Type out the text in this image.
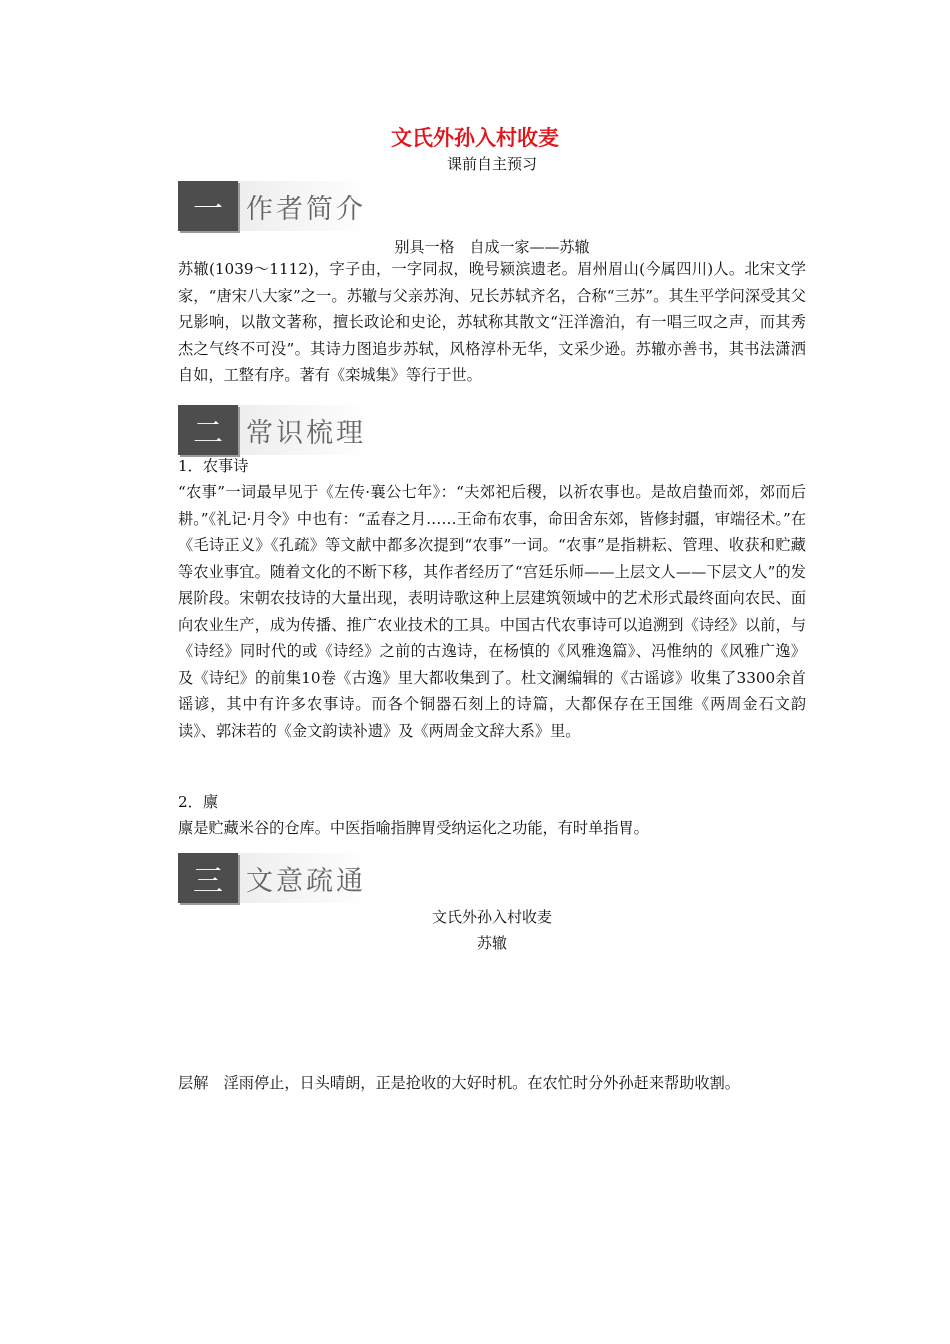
文氏外孙入村收麦
课前自主预习
一 作者简介
别具一格　自成一家——苏辙

苏辙(1039～1112)，字子由，一字同叔，晚号颍滨遗老。眉州眉山(今属四川)人。北宋文学家，“唐宋八大家”之一。苏辙与父亲苏洵、兄长苏轼齐名，合称“三苏”。其生平学问深受其父兄影响，以散文著称，擅长政论和史论，苏轼称其散文“汪洋澹泊，有一唱三叹之声，而其秀杰之气终不可没”。其诗力图追步苏轼，风格淳朴无华，文采少逊。苏辙亦善书，其书法潇洒自如，工整有序。著有《栾城集》等行于世。

二 常识梳理
1．农事诗

“农事”一词最早见于《左传·襄公七年》：“夫郊祀后稷，以祈农事也。是故启蛰而郊，郊而后耕。”《礼记·月令》中也有：“孟春之月……王命布农事，命田舍东郊，皆修封疆，审端径术。”在《毛诗正义》《孔疏》等文献中都多次提到“农事”一词。“农事”是指耕耘、管理、收获和贮藏等农业事宜。随着文化的不断下移，其作者经历了“宫廷乐师——上层文人——下层文人”的发展阶段。宋朝农技诗的大量出现，表明诗歌这种上层建筑领域中的艺术形式最终面向农民、面向农业生产，成为传播、推广农业技术的工具。中国古代农事诗可以追溯到《诗经》以前，与《诗经》同时代的或《诗经》之前的古逸诗，在杨慎的《风雅逸篇》、冯惟纳的《风雅广逸》及《诗纪》的前集10卷《古逸》里大都收集到了。杜文澜编辑的《古谣谚》收集了3300余首谣谚，其中有许多农事诗。而各个铜器石刻上的诗篇，大都保存在王国维《两周金石文韵读》、郭沫若的《金文韵读补遗》及《两周金文辞大系》里。

2．廪
廪是贮藏米谷的仓库。中医指喻指脾胃受纳运化之功能，有时单指胃。
三 文意疏通
文氏外孙入村收麦
苏辙
层解　淫雨停止，日头晴朗，正是抢收的大好时机。在农忙时分外孙赶来帮助收割。
